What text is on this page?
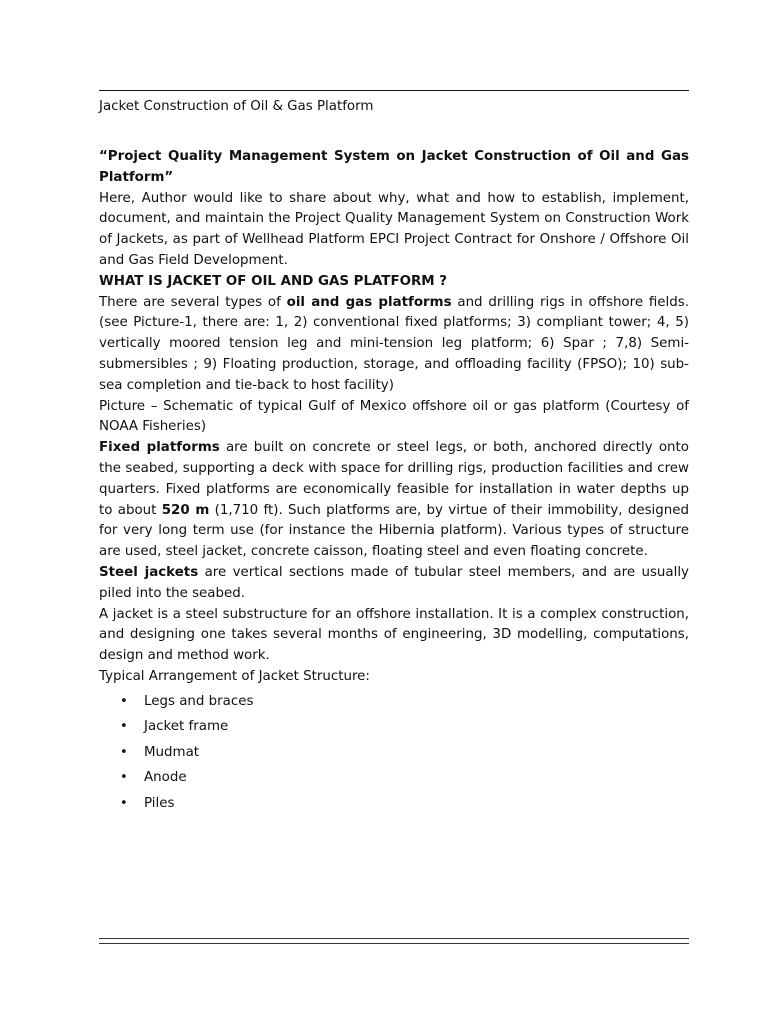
Jacket Construction of Oil & Gas Platform

“Project Quality Management System on Jacket Construction of Oil and Gas Platform”

Here, Author would like to share about why, what and how to establish, implement, document, and maintain the Project Quality Management System on Construction Work of Jackets, as part of Wellhead Platform EPCI Project Contract for Onshore / Offshore Oil and Gas Field Development.

WHAT IS JACKET OF OIL AND GAS PLATFORM ?

There are several types of oil and gas platforms and drilling rigs in offshore fields. (see Picture-1, there are: 1, 2) conventional fixed platforms; 3) compliant tower; 4, 5) vertically moored tension leg and mini-tension leg platform; 6) Spar ; 7,8) Semi-submersibles ; 9) Floating production, storage, and offloading facility (FPSO); 10) sub-sea completion and tie-back to host facility)

Picture – Schematic of typical Gulf of Mexico offshore oil or gas platform (Courtesy of NOAA Fisheries)

Fixed platforms are built on concrete or steel legs, or both, anchored directly onto the seabed, supporting a deck with space for drilling rigs, production facilities and crew quarters. Fixed platforms are economically feasible for installation in water depths up to about 520 m (1,710 ft). Such platforms are, by virtue of their immobility, designed for very long term use (for instance the Hibernia platform). Various types of structure are used, steel jacket, concrete caisson, floating steel and even floating concrete.

Steel jackets are vertical sections made of tubular steel members, and are usually piled into the seabed.

A jacket is a steel substructure for an offshore installation. It is a complex construction, and designing one takes several months of engineering, 3D modelling, computations, design and method work.

Typical Arrangement of Jacket Structure:

• Legs and braces
• Jacket frame
• Mudmat
• Anode
• Piles
